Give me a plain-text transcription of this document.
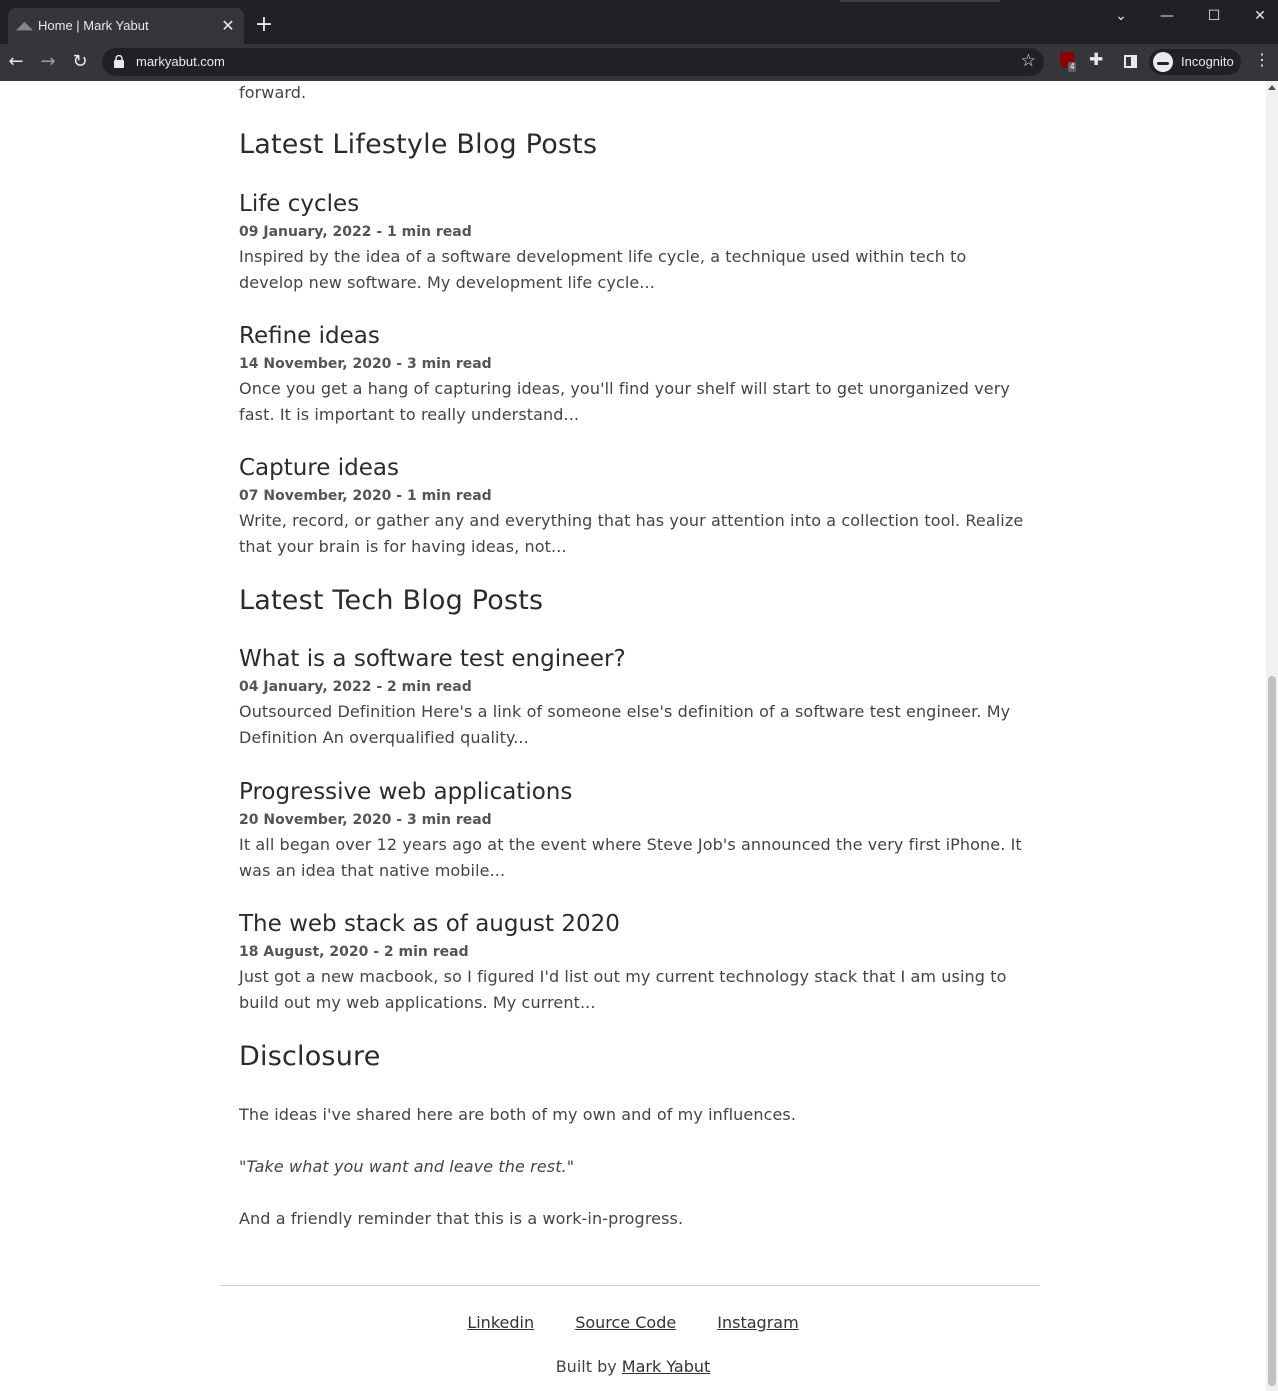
◢◣ Home | Mark Yabut	✕ +	⌄	—	☐	✕
← → ↻	markyabut.com	☆	4 ✚	Incognito ⋮
forward.
Latest Lifestyle Blog Posts
Life cycles
09 January, 2022 - 1 min read
Inspired by the idea of a software development life cycle, a technique used within tech to develop new software. My development life cycle...
Refine ideas
14 November, 2020 - 3 min read
Once you get a hang of capturing ideas, you'll find your shelf will start to get unorganized very fast. It is important to really understand...
Capture ideas
07 November, 2020 - 1 min read
Write, record, or gather any and everything that has your attention into a collection tool. Realize that your brain is for having ideas, not...
Latest Tech Blog Posts
What is a software test engineer?
04 January, 2022 - 2 min read
Outsourced Definition Here's a link of someone else's definition of a software test engineer. My Definition An overqualified quality...
Progressive web applications
20 November, 2020 - 3 min read
It all began over 12 years ago at the event where Steve Job's announced the very first iPhone. It was an idea that native mobile...
The web stack as of august 2020
18 August, 2020 - 2 min read
Just got a new macbook, so I figured I'd list out my current technology stack that I am using to build out my web applications. My current...
Disclosure

The ideas i've shared here are both of my own and of my influences.

"Take what you want and leave the rest."

And a friendly reminder that this is a work-in-progress.

Linkedin	Source Code	Instagram
Built by Mark Yabut
